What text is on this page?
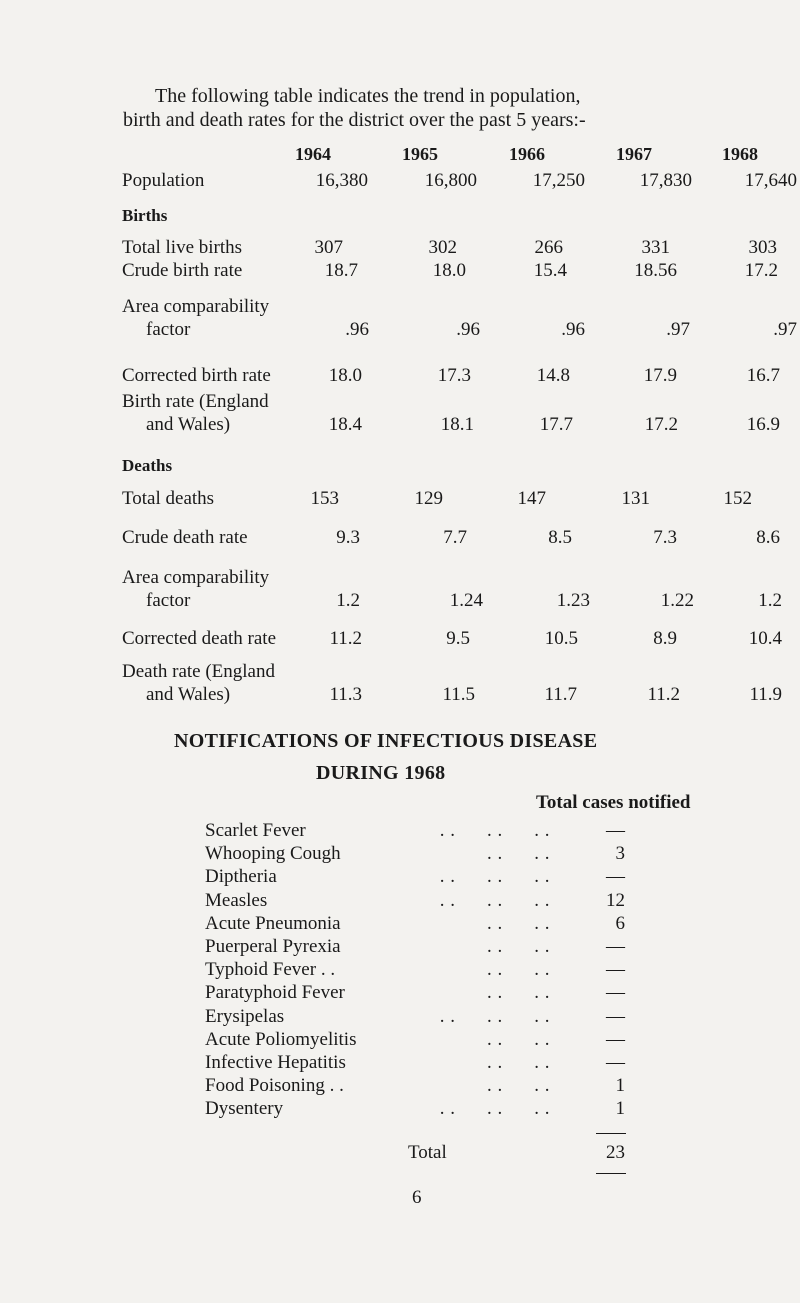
The following table indicates the trend in population,
birth and death rates for the district over the past 5 years:-
1964	1965	1966	1967	1968
Population	16,380	16,800	17,250	17,830	17,640
Total live births	307	302	266	331	303
Crude birth rate	18.7	18.0	15.4	18.56	17.2
Area comparability
factor	.96	.96	.96	.97	.97
Corrected birth rate	18.0	17.3	14.8	17.9	16.7
Birth rate (England
and Wales)	18.4	18.1	17.7	17.2	16.9
Total deaths	153	129	147	131	152
Crude death rate	9.3	7.7	8.5	7.3	8.6
Area comparability
factor	1.2	1.24	1.23	1.22	1.2
Corrected death rate	11.2	9.5	10.5	8.9	10.4
Death rate (England
and Wales)	11.3	11.5	11.7	11.2	11.9
Births
Deaths
NOTIFICATIONS OF INFECTIOUS DISEASE
DURING 1968
Total cases notified
Scarlet Fever	. .      . .      . .	—
Whooping Cough	. .      . .	3
Diptheria	. .      . .      . .	—
Measles	. .      . .      . .	12
Acute Pneumonia	. .      . .	6
Puerperal Pyrexia	. .      . .	—
Typhoid Fever . .	. .      . .	—
Paratyphoid Fever	. .      . .	—
Erysipelas	. .      . .      . .	—
Acute Poliomyelitis	. .      . .	—
Infective Hepatitis	. .      . .	—
Food Poisoning . .	. .      . .	1
Dysentery	. .      . .      . .	1
Total	23
6
